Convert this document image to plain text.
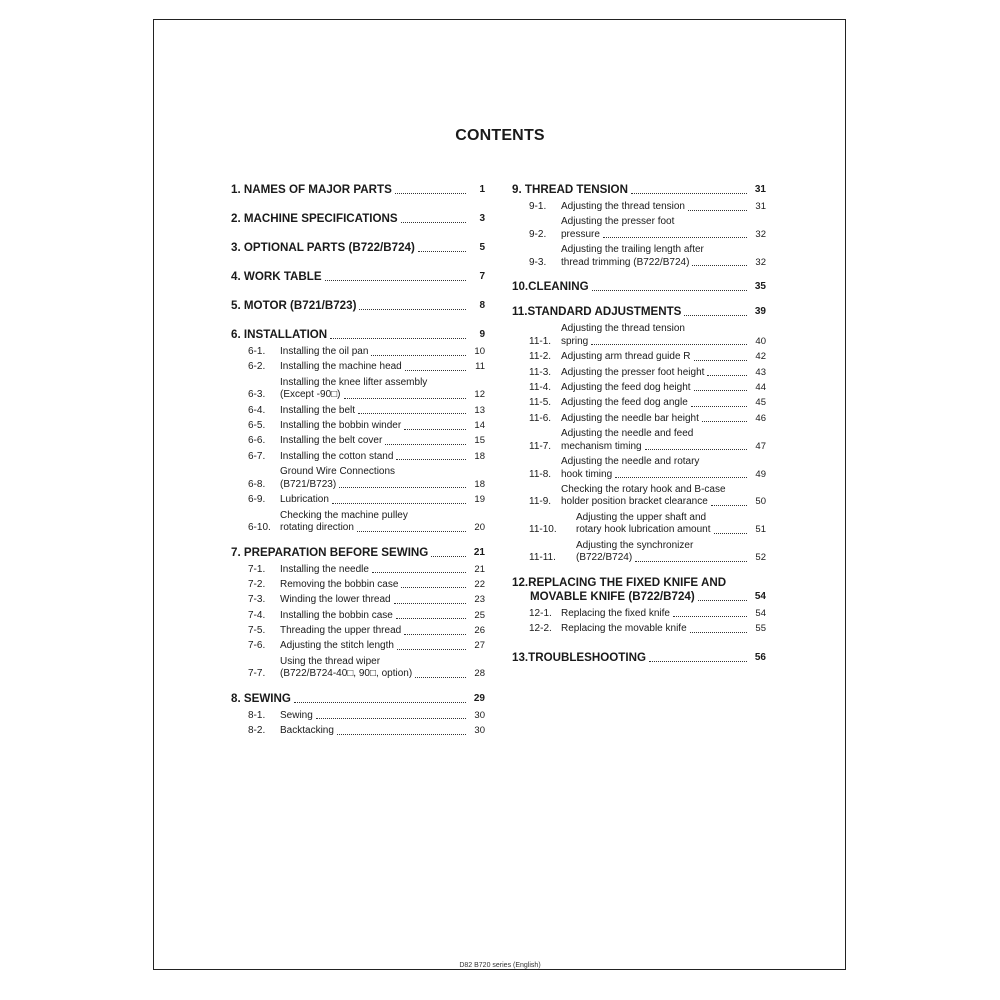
CONTENTS
1. NAMES OF MAJOR PARTS	1
2. MACHINE SPECIFICATIONS	3
3. OPTIONAL PARTS (B722/B724)	5
4. WORK TABLE	7
5. MOTOR (B721/B723)	8
6. INSTALLATION	9
6-1.	Installing the oil pan	10
6-2.	Installing the machine head	11
6-3.
Installing the knee lifter assembly
(Except -90□)	12
6-4.	Installing the belt	13
6-5.	Installing the bobbin winder	14
6-6.	Installing the belt cover	15
6-7.	Installing the cotton stand	18
6-8.
Ground Wire Connections
(B721/B723)	18
6-9.	Lubrication	19
6-10.
Checking the machine pulley
rotating direction	20
7. PREPARATION BEFORE SEWING	21
7-1.	Installing the needle	21
7-2.	Removing the bobbin case	22
7-3.	Winding the lower thread	23
7-4.	Installing the bobbin case	25
7-5.	Threading the upper thread	26
7-6.	Adjusting the stitch length	27
7-7.
Using the thread wiper
(B722/B724-40□, 90□, option)	28
8. SEWING	29
8-1.	Sewing	30
8-2.	Backtacking	30
9. THREAD TENSION	31
9-1.	Adjusting the thread tension	31
9-2.
Adjusting the presser foot
pressure	32
9-3.
Adjusting the trailing length after
thread trimming (B722/B724)	32
10.CLEANING	35
11.STANDARD ADJUSTMENTS	39
11-1.
Adjusting the thread tension
spring	40
11-2. Adjusting arm thread guide R	42
11-3. Adjusting the presser foot height	43
11-4. Adjusting the feed dog height	44
11-5. Adjusting the feed dog angle	45
11-6. Adjusting the needle bar height	46
11-7.
Adjusting the needle and feed
mechanism timing	47
11-8.
Adjusting the needle and rotary
hook timing	49
11-9.
Checking the rotary hook and B-case
holder position bracket clearance	50
11-10.
Adjusting the upper shaft and
rotary hook lubrication amount	51
11-11.
Adjusting the synchronizer
(B722/B724)	52
12.REPLACING THE FIXED KNIFE AND
MOVABLE KNIFE (B722/B724)	54
12-1. Replacing the fixed knife	54
12-2. Replacing the movable knife	55
13.TROUBLESHOOTING	56
D82 B720 series (English)
